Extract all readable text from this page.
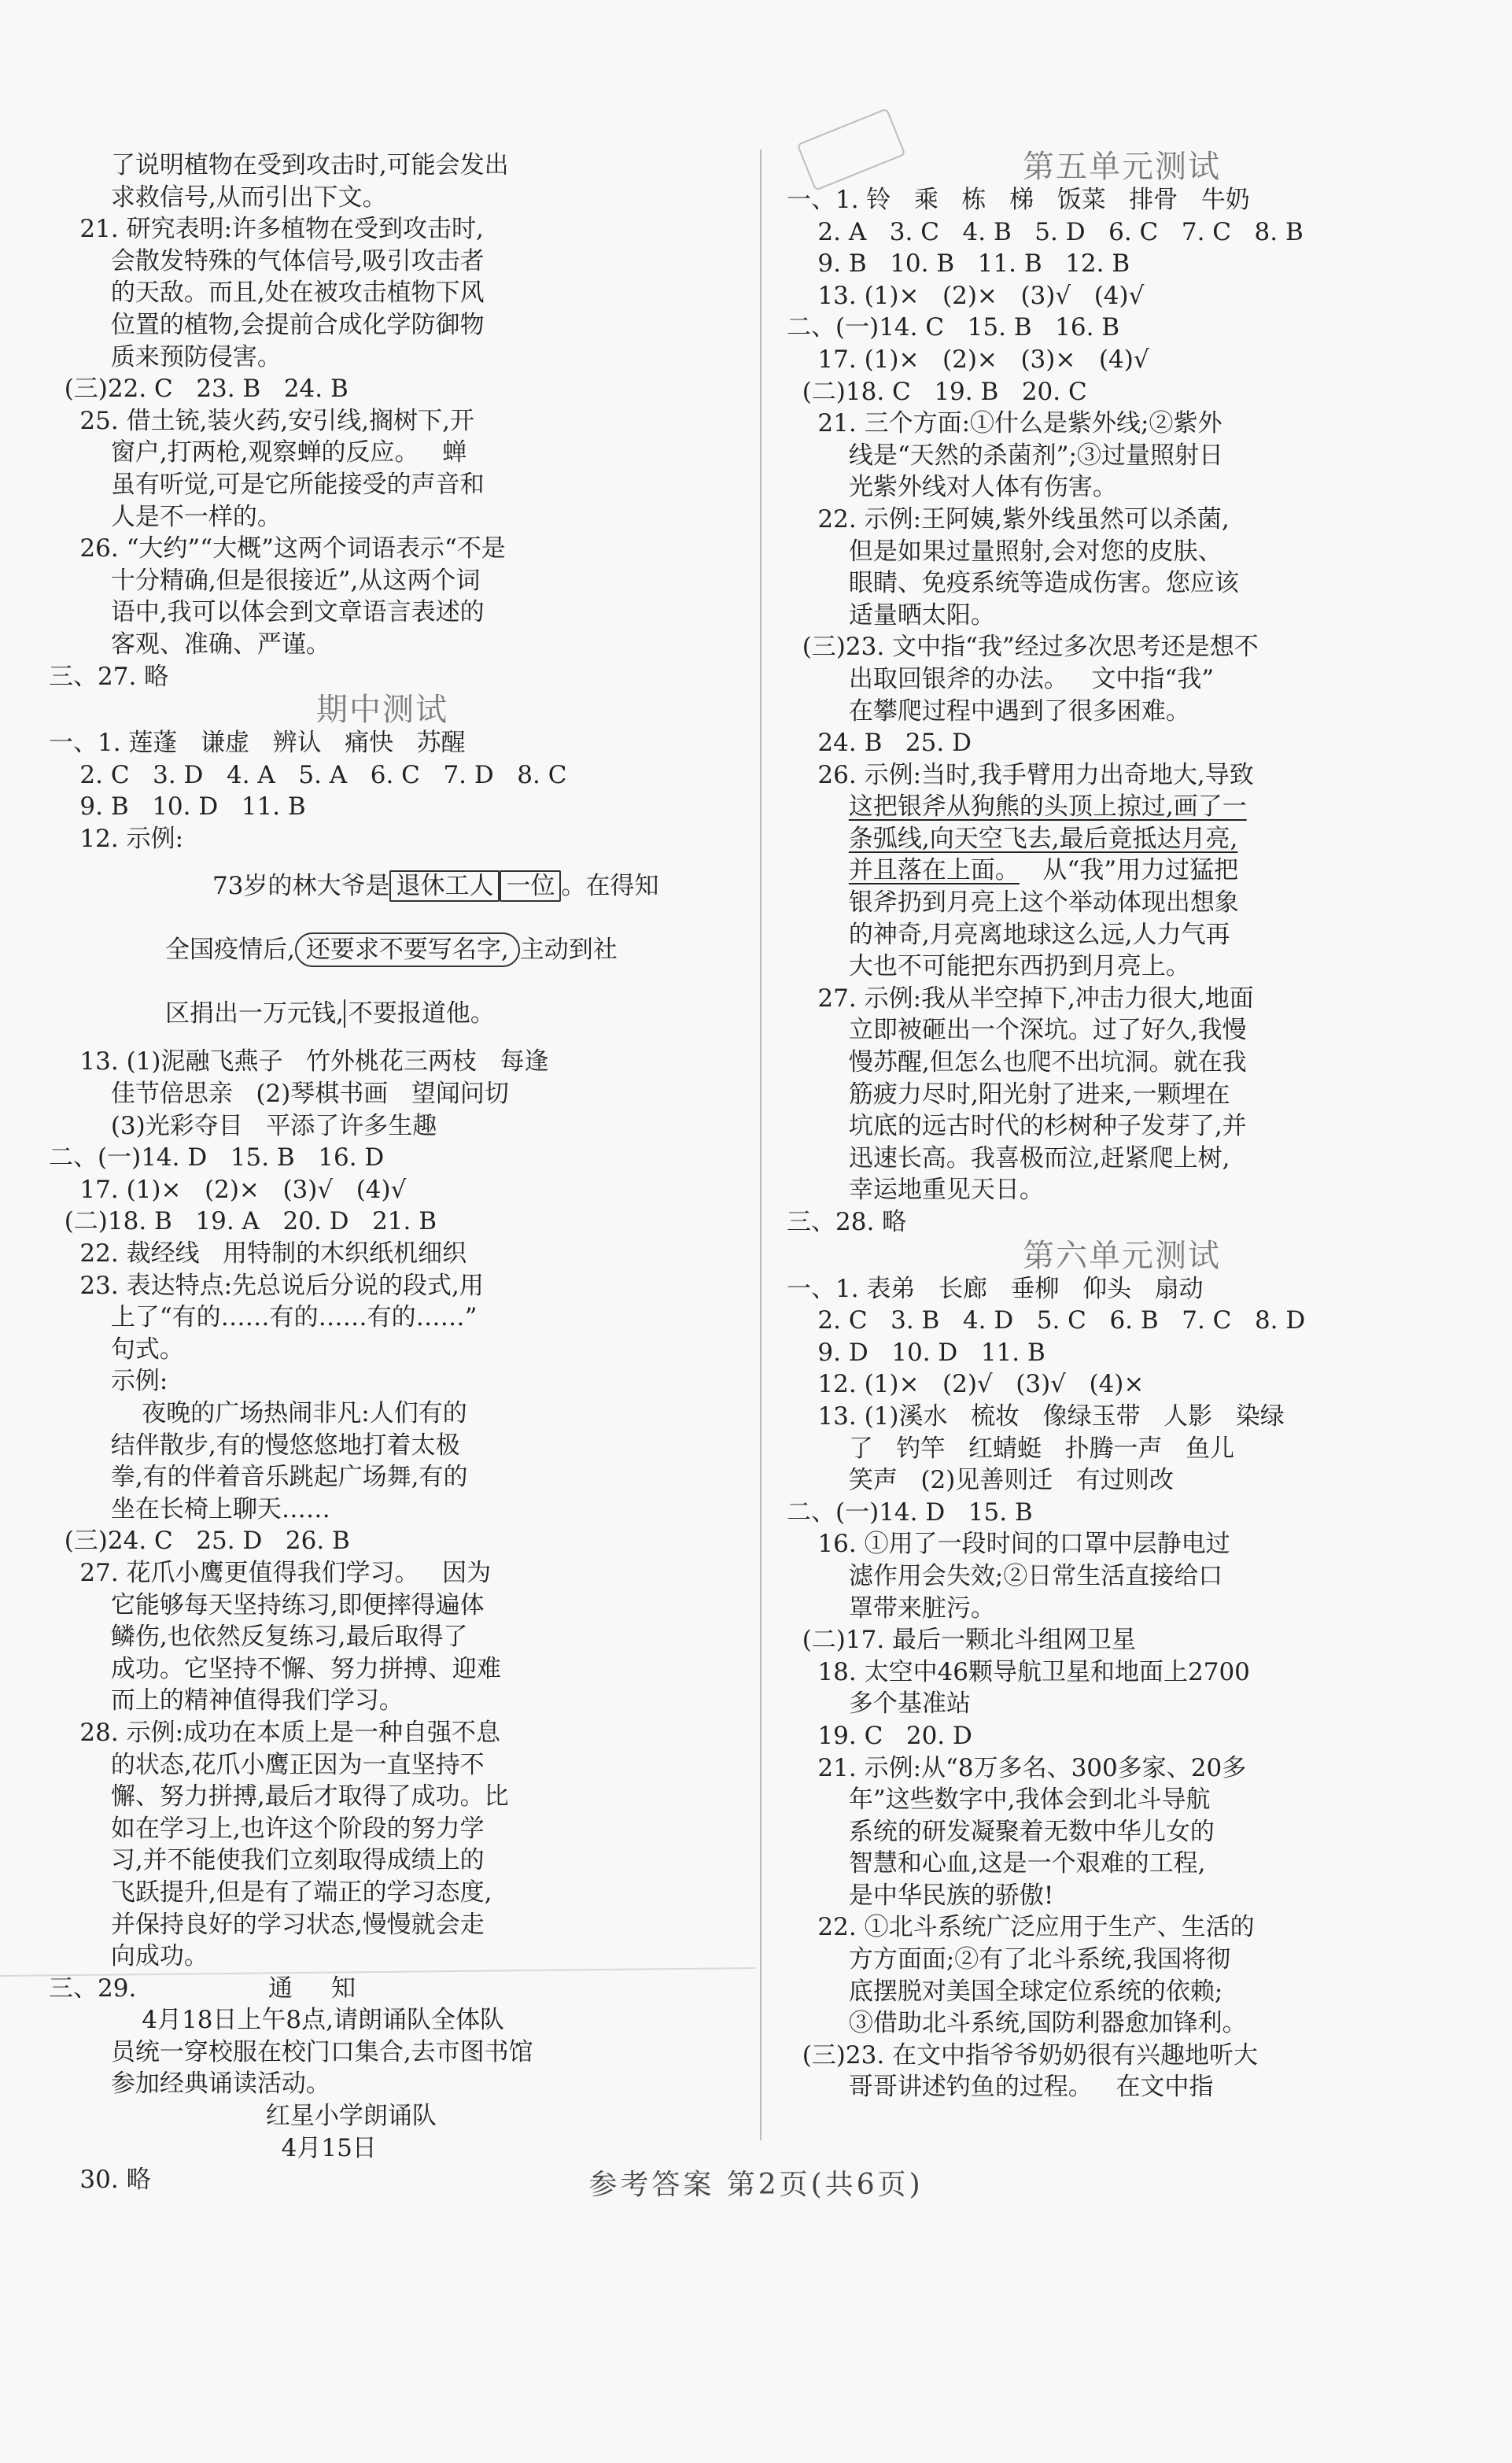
了说明植物在受到攻击时,可能会发出
求救信号,从而引出下文。
21. 研究表明:许多植物在受到攻击时,
会散发特殊的气体信号,吸引攻击者
的天敌。而且,处在被攻击植物下风
位置的植物,会提前合成化学防御物
质来预防侵害。
(三)22. C   23. B   24. B
25. 借土铳,装火药,安引线,搁树下,开
窗户,打两枪,观察蝉的反应。   蝉
虽有听觉,可是它所能接受的声音和
人是不一样的。
26. “大约”“大概”这两个词语表示“不是
十分精确,但是很接近”,从这两个词
语中,我可以体会到文章语言表述的
客观、准确、严谨。
三、27. 略
期中测试
一、1. 莲蓬   谦虚   辨认   痛快   苏醒
2. C   3. D   4. A   5. A   6. C   7. D   8. C
9. B   10. D   11. B
12. 示例:
73岁的林大爷是 退休工人 一位 。在得知
全国疫情后, 还要求不要写名字, 主动到社
区捐出一万元钱, 不要报道他。
13. (1)泥融飞燕子   竹外桃花三两枝   每逢
佳节倍思亲   (2)琴棋书画   望闻问切
(3)光彩夺目   平添了许多生趣
二、(一)14. D   15. B   16. D
17. (1)×   (2)×   (3)√   (4)√
(二)18. B   19. A   20. D   21. B
22. 裁经线   用特制的木织纸机细织
23. 表达特点:先总说后分说的段式,用
上了“有的……有的……有的……”
句式。
示例:
夜晚的广场热闹非凡:人们有的
结伴散步,有的慢悠悠地打着太极
拳,有的伴着音乐跳起广场舞,有的
坐在长椅上聊天……
(三)24. C   25. D   26. B
27. 花爪小鹰更值得我们学习。   因为
它能够每天坚持练习,即便摔得遍体
鳞伤,也依然反复练习,最后取得了
成功。它坚持不懈、努力拼搏、迎难
而上的精神值得我们学习。
28. 示例:成功在本质上是一种自强不息
的状态,花爪小鹰正因为一直坚持不
懈、努力拼搏,最后才取得了成功。比
如在学习上,也许这个阶段的努力学
习,并不能使我们立刻取得成绩上的
飞跃提升,但是有了端正的学习态度,
并保持良好的学习状态,慢慢就会走
向成功。
三、29.                 通     知
4月18日上午8点,请朗诵队全体队
员统一穿校服在校门口集合,去市图书馆
参加经典诵读活动。
红星小学朗诵队
4月15日
30. 略
第五单元测试
一、1. 铃   乘   栋   梯   饭菜   排骨   牛奶
2. A   3. C   4. B   5. D   6. C   7. C   8. B
9. B   10. B   11. B   12. B
13. (1)×   (2)×   (3)√   (4)√
二、(一)14. C   15. B   16. B
17. (1)×   (2)×   (3)×   (4)√
(二)18. C   19. B   20. C
21. 三个方面:①什么是紫外线;②紫外
线是“天然的杀菌剂”;③过量照射日
光紫外线对人体有伤害。
22. 示例:王阿姨,紫外线虽然可以杀菌,
但是如果过量照射,会对您的皮肤、
眼睛、免疫系统等造成伤害。您应该
适量晒太阳。
(三)23. 文中指“我”经过多次思考还是想不
出取回银斧的办法。   文中指“我”
在攀爬过程中遇到了很多困难。
24. B   25. D
26. 示例:当时,我手臂用力出奇地大,导致
这把银斧从狗熊的头顶上掠过,画了一
条弧线,向天空飞去,最后竟抵达月亮,
并且落在上面。   从“我”用力过猛把
银斧扔到月亮上这个举动体现出想象
的神奇,月亮离地球这么远,人力气再
大也不可能把东西扔到月亮上。
27. 示例:我从半空掉下,冲击力很大,地面
立即被砸出一个深坑。过了好久,我慢
慢苏醒,但怎么也爬不出坑洞。就在我
筋疲力尽时,阳光射了进来,一颗埋在
坑底的远古时代的杉树种子发芽了,并
迅速长高。我喜极而泣,赶紧爬上树,
幸运地重见天日。
三、28. 略
第六单元测试
一、1. 表弟   长廊   垂柳   仰头   扇动
2. C   3. B   4. D   5. C   6. B   7. C   8. D
9. D   10. D   11. B
12. (1)×   (2)√   (3)√   (4)×
13. (1)溪水   梳妆   像绿玉带   人影   染绿
了   钓竿   红蜻蜓   扑腾一声   鱼儿
笑声   (2)见善则迁   有过则改
二、(一)14. D   15. B
16. ①用了一段时间的口罩中层静电过
滤作用会失效;②日常生活直接给口
罩带来脏污。
(二)17. 最后一颗北斗组网卫星
18. 太空中46颗导航卫星和地面上2700
多个基准站
19. C   20. D
21. 示例:从“8万多名、300多家、20多
年”这些数字中,我体会到北斗导航
系统的研发凝聚着无数中华儿女的
智慧和心血,这是一个艰难的工程,
是中华民族的骄傲!
22. ①北斗系统广泛应用于生产、生活的
方方面面;②有了北斗系统,我国将彻
底摆脱对美国全球定位系统的依赖;
③借助北斗系统,国防利器愈加锋利。
(三)23. 在文中指爷爷奶奶很有兴趣地听大
哥哥讲述钓鱼的过程。   在文中指
参考答案 第2页(共6页)
